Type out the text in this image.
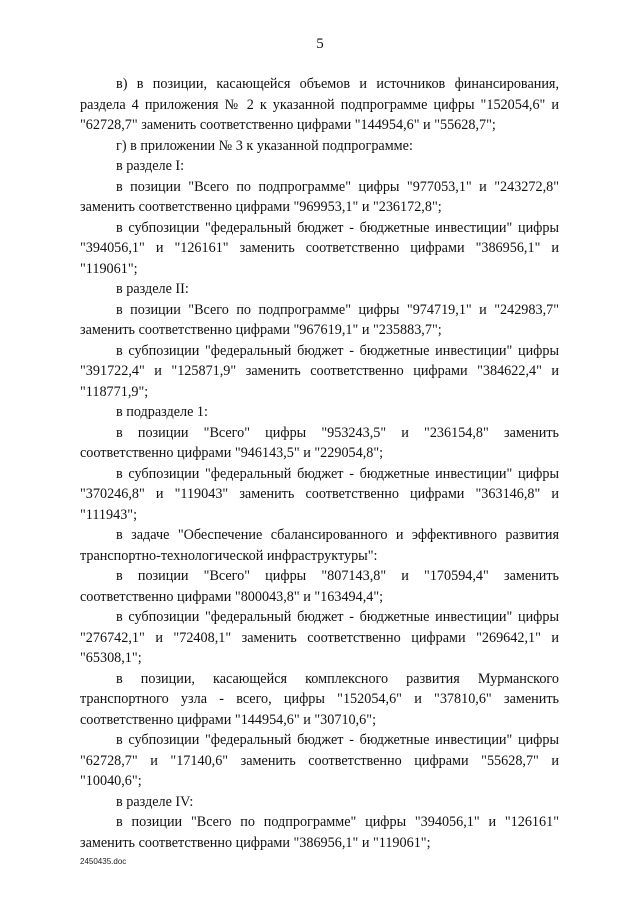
5

в) в позиции, касающейся объемов и источников финансирования, раздела 4 приложения № 2 к указанной подпрограмме цифры "152054,6" и "62728,7" заменить соответственно цифрами "144954,6" и "55628,7";

г) в приложении № 3 к указанной подпрограмме:

в разделе I:

в позиции "Всего по подпрограмме" цифры "977053,1" и "243272,8" заменить соответственно цифрами "969953,1" и "236172,8";

в субпозиции "федеральный бюджет - бюджетные инвестиции" цифры "394056,1" и "126161" заменить соответственно цифрами "386956,1" и "119061";

в разделе II:

в позиции "Всего по подпрограмме" цифры "974719,1" и "242983,7" заменить соответственно цифрами "967619,1" и "235883,7";

в субпозиции "федеральный бюджет - бюджетные инвестиции" цифры "391722,4" и "125871,9" заменить соответственно цифрами "384622,4" и "118771,9";

в подразделе 1:

в позиции "Всего" цифры "953243,5" и "236154,8" заменить соответственно цифрами "946143,5" и "229054,8";

в субпозиции "федеральный бюджет - бюджетные инвестиции" цифры "370246,8" и "119043" заменить соответственно цифрами "363146,8" и "111943";

в задаче "Обеспечение сбалансированного и эффективного развития транспортно-технологической инфраструктуры":

в позиции "Всего" цифры "807143,8" и "170594,4" заменить соответственно цифрами "800043,8" и "163494,4";

в субпозиции "федеральный бюджет - бюджетные инвестиции" цифры "276742,1" и "72408,1" заменить соответственно цифрами "269642,1" и "65308,1";

в позиции, касающейся комплексного развития Мурманского транспортного узла - всего, цифры "152054,6" и "37810,6" заменить соответственно цифрами "144954,6" и "30710,6";

в субпозиции "федеральный бюджет - бюджетные инвестиции" цифры "62728,7" и "17140,6" заменить соответственно цифрами "55628,7" и "10040,6";

в разделе IV:

в позиции "Всего по подпрограмме" цифры "394056,1" и "126161" заменить соответственно цифрами "386956,1" и "119061";

2450435.doc
